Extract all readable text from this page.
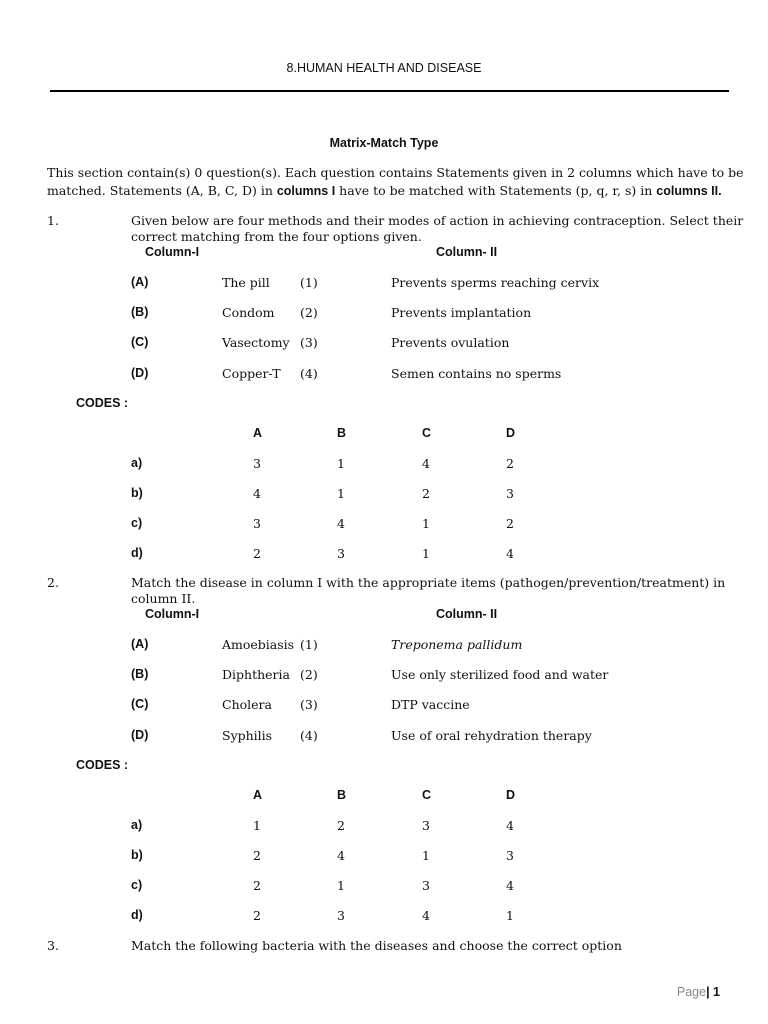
8.HUMAN HEALTH AND DISEASE
Matrix-Match Type
This section contain(s) 0 question(s). Each question contains Statements given in 2 columns which have to be
matched. Statements (A, B, C, D) in columns I have to be matched with Statements (p, q, r, s) in columns II.
1.	Given below are four methods and their modes of action in achieving contraception. Select their
correct matching from the four options given.
Column-I	Column- II
(A)	The pill (1)	Prevents sperms reaching cervix
(B)	Condom (2)	Prevents implantation
(C)	Vasectomy (3)	Prevents ovulation
(D)	Copper-T (4)	Semen contains no sperms
CODES :
A	B	C	D
a)	3	1	4	2
b)	4	1	2	3
c)	3	4	1	2
d)	2	3	1	4
2.	Match the disease in column I with the appropriate items (pathogen/prevention/treatment) in
column II.
Column-I	Column- II
(A)	Amoebiasis (1)	Treponema pallidum
(B)	Diphtheria (2)	Use only sterilized food and water
(C)	Cholera (3)	DTP vaccine
(D)	Syphilis (4)	Use of oral rehydration therapy
CODES :
A	B	C	D
a)	1	2	3	4
b)	2	4	1	3
c)	2	1	3	4
d)	2	3	4	1
3.	Match the following bacteria with the diseases and choose the correct option
Page| 1
